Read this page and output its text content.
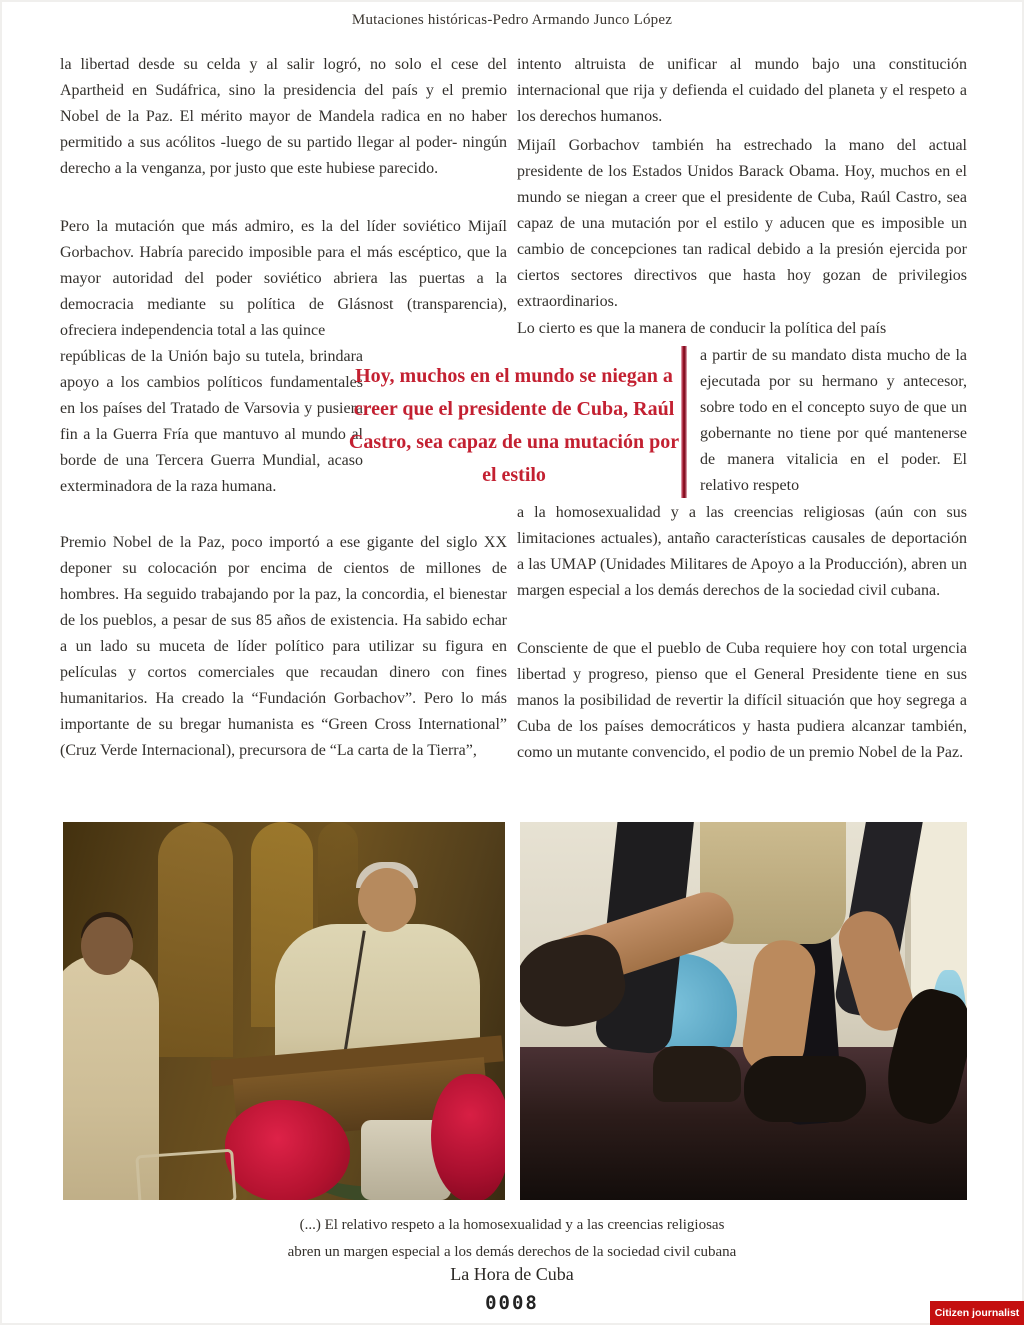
Mutaciones históricas-Pedro Armando Junco López
la libertad desde su celda y al salir logró, no solo el cese del Apartheid en Sudáfrica, sino la presidencia del país y el premio Nobel de la Paz. El mérito mayor de Mandela radica en no haber permitido a sus acólitos -luego de su partido llegar al poder- ningún derecho a la venganza, por justo que este hubiese parecido.
Pero la mutación que más admiro, es la del líder soviético Mijaíl Gorbachov. Habría parecido imposible para el más escéptico, que la mayor autoridad del poder soviético abriera las puertas a la democracia mediante su política de Glásnost (transparencia), ofreciera independencia total a las quince
repúblicas de la Unión bajo su tutela, brindara apoyo a los cambios políticos fundamentales en los países del Tratado de Varsovia y pusiera fin a la Guerra Fría que mantuvo al mundo al borde de una Tercera Guerra Mundial, acaso exterminadora de la raza humana.
Premio Nobel de la Paz, poco importó a ese gigante del siglo XX deponer su colocación por encima de cientos de millones de hombres. Ha seguido trabajando por la paz, la concordia, el bienestar de los pueblos, a pesar de sus 85 años de existencia. Ha sabido echar a un lado su muceta de líder político para utilizar su figura en películas y cortos comerciales que recaudan dinero con fines humanitarios. Ha creado la “Fundación Gorbachov”. Pero lo más importante de su bregar humanista es “Green Cross International” (Cruz Verde Internacional), precursora de “La carta de la Tierra”,
Hoy, muchos en el mundo se niegan a creer que el presidente de Cuba, Raúl Castro, sea capaz de una mutación por el estilo
intento altruista de unificar al mundo bajo una constitución internacional que rija y defienda el cuidado del planeta y el respeto a los derechos humanos.
Mijaíl Gorbachov también ha estrechado la mano del actual presidente de los Estados Unidos Barack Obama. Hoy, muchos en el mundo se niegan a creer que el presidente de Cuba, Raúl Castro, sea capaz de una mutación por el estilo y aducen que es imposible un cambio de concepciones tan radical debido a la presión ejercida por ciertos sectores directivos que hasta hoy gozan de privilegios extraordinarios.
Lo cierto es que la manera de conducir la política del país
a partir de su mandato dista mucho de la ejecutada por su hermano y antecesor, sobre todo en el concepto suyo de que un gobernante no tiene por qué mantenerse de manera vitalicia en el poder. El relativo respeto
a la homosexualidad y a las creencias religiosas (aún con sus limitaciones actuales), antaño características causales de deportación a las UMAP (Unidades Militares de Apoyo a la Producción), abren un margen especial a los demás derechos de la sociedad civil cubana.
Consciente de que el pueblo de Cuba requiere hoy con total urgencia libertad y progreso, pienso que el General Presidente tiene en sus manos la posibilidad de revertir la difícil situación que hoy segrega a Cuba de los países democráticos y hasta pudiera alcanzar también, como un mutante convencido, el podio de un premio Nobel de la Paz.
(...) El relativo respeto a la homosexualidad y a las creencias religiosas
abren un margen especial a los demás derechos de la sociedad civil cubana
La Hora de Cuba
0008	Citizen journalist
